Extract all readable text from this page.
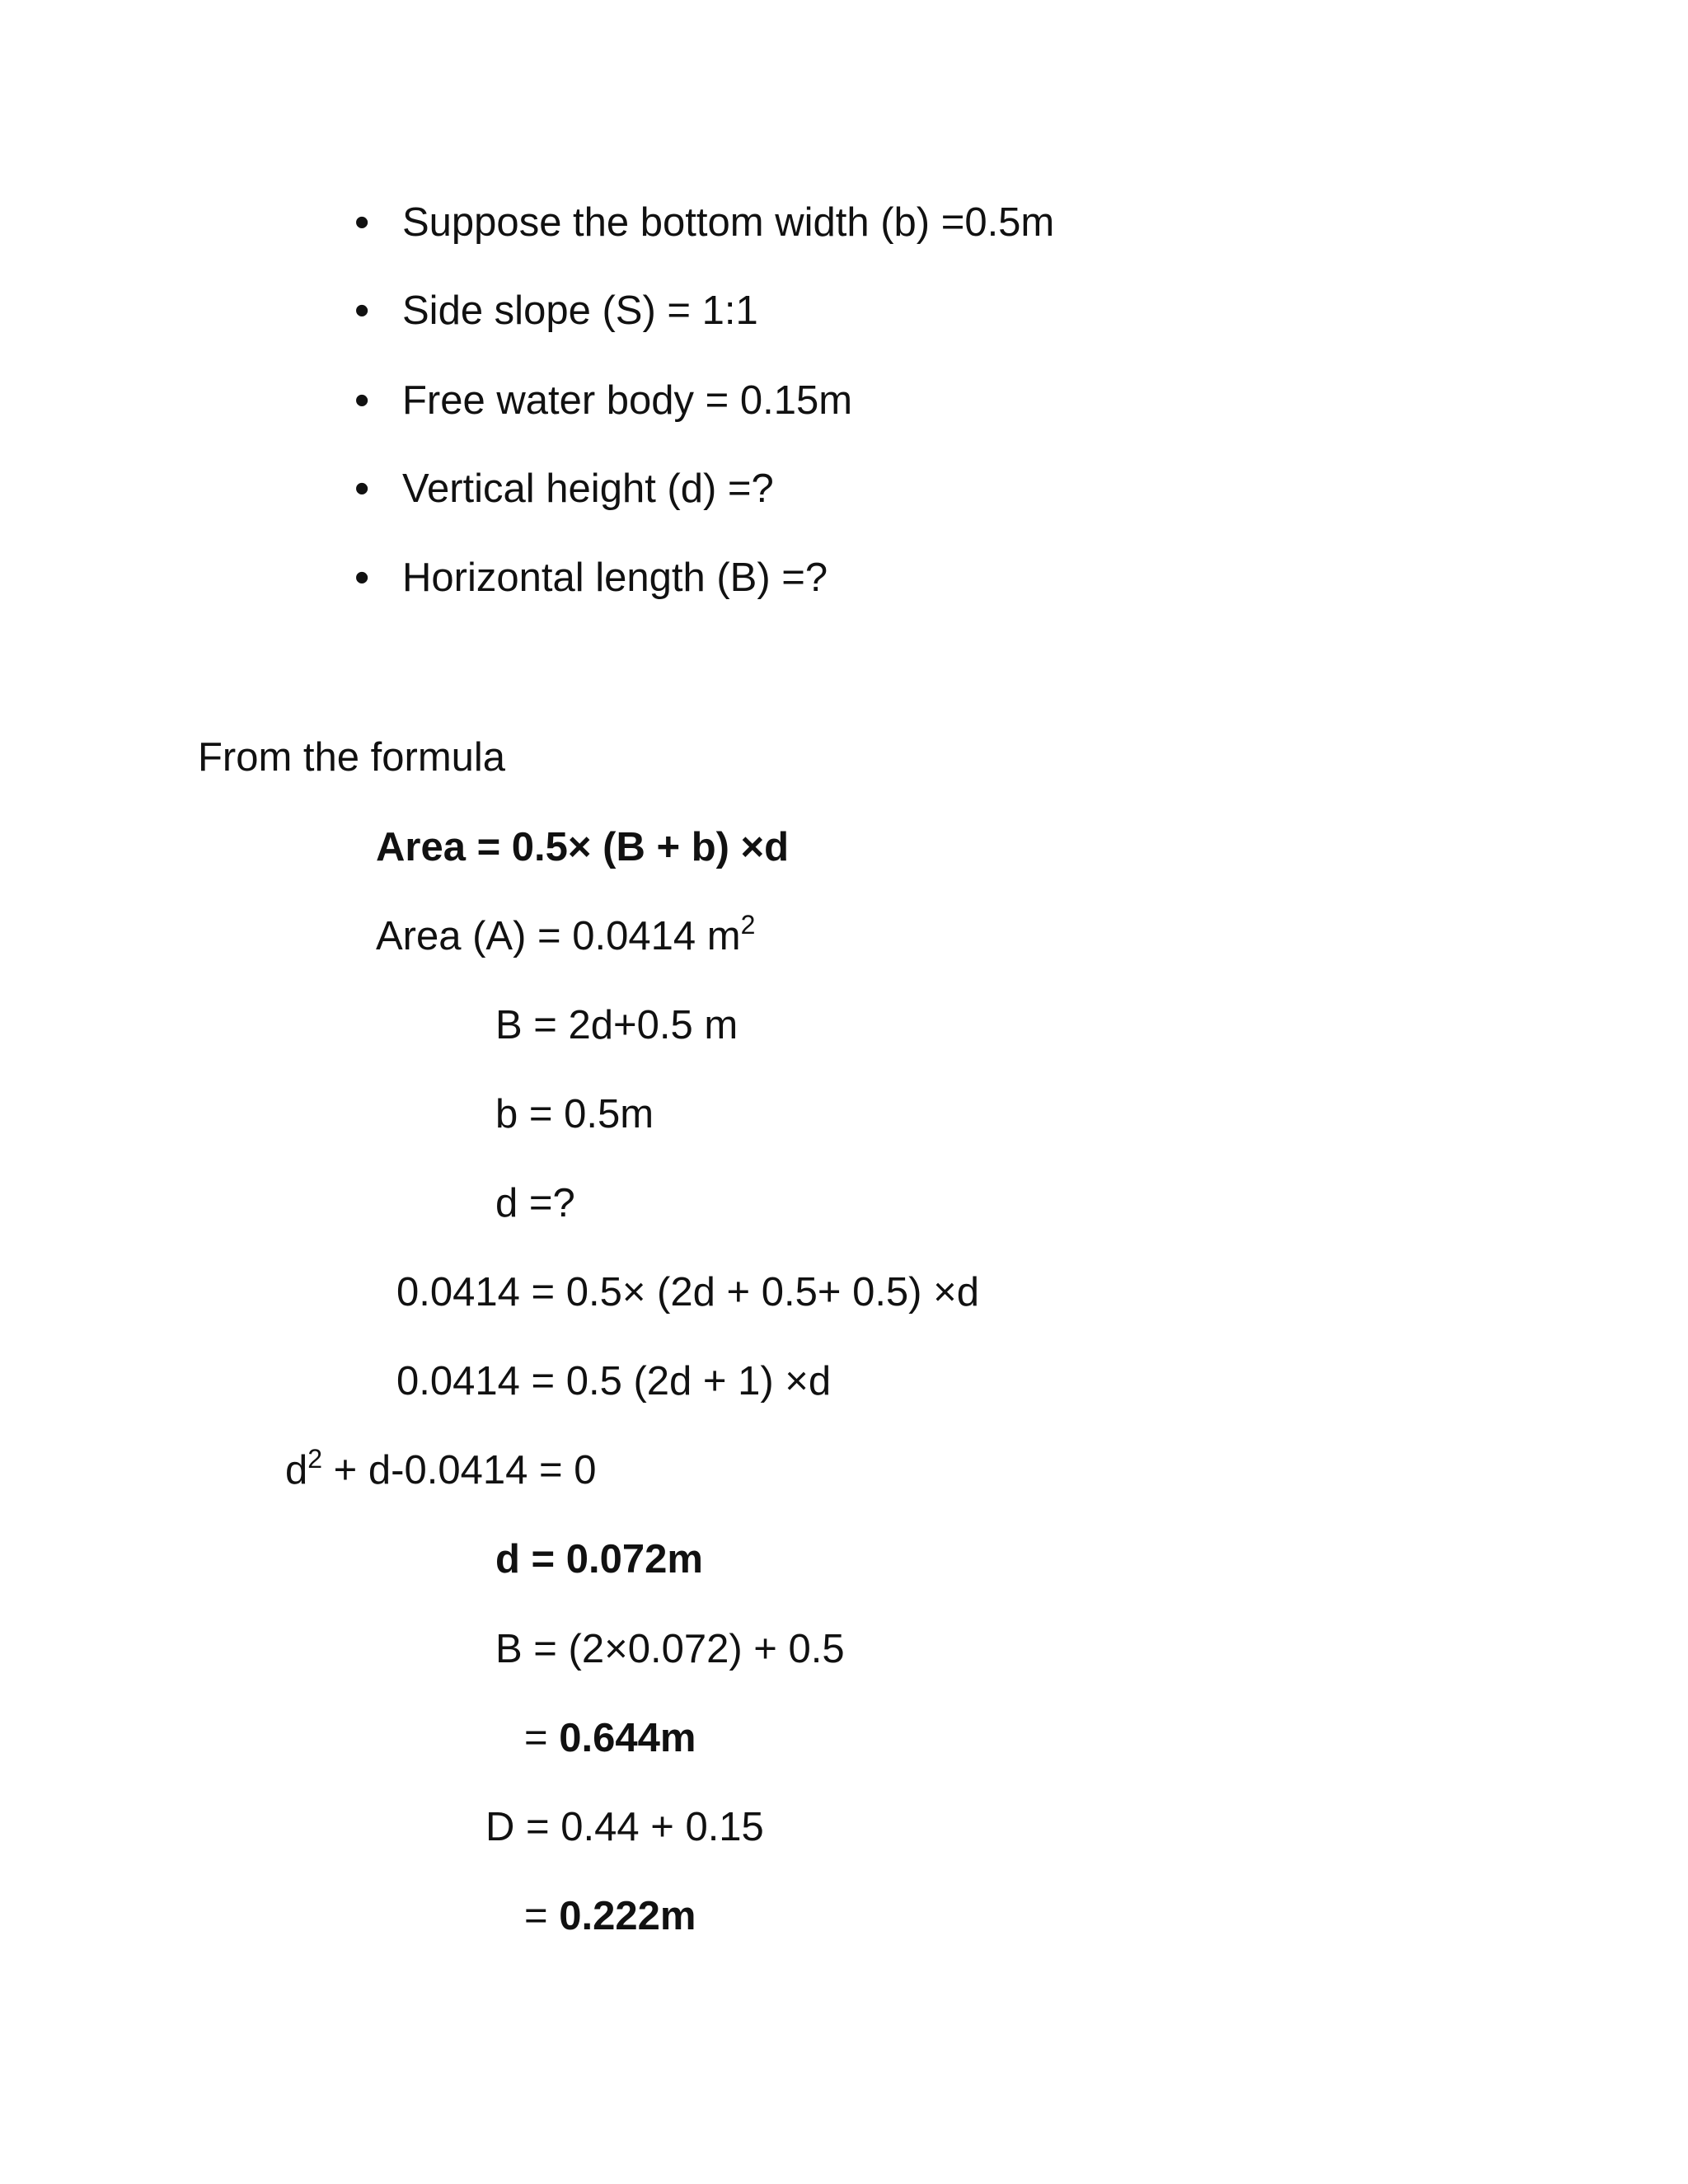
• Suppose the bottom width (b) =0.5m
• Side slope (S) = 1:1
• Free water body = 0.15m
• Vertical height (d) =?
• Horizontal length (B) =?
From the formula
Area = 0.5× (B + b) ×d
Area (A) = 0.0414 $m^2$
B = 2d+0.5 m
b = 0.5m
d =?
0.0414 = 0.5× (2d + 0.5+ 0.5) ×d
0.0414 = 0.5 (2d + 1) ×d
$d^2 + d-0.0414 = 0$
d = 0.072m
B = (2×0.072) + 0.5
= 0.644m
D = 0.44 + 0.15
= 0.222m
